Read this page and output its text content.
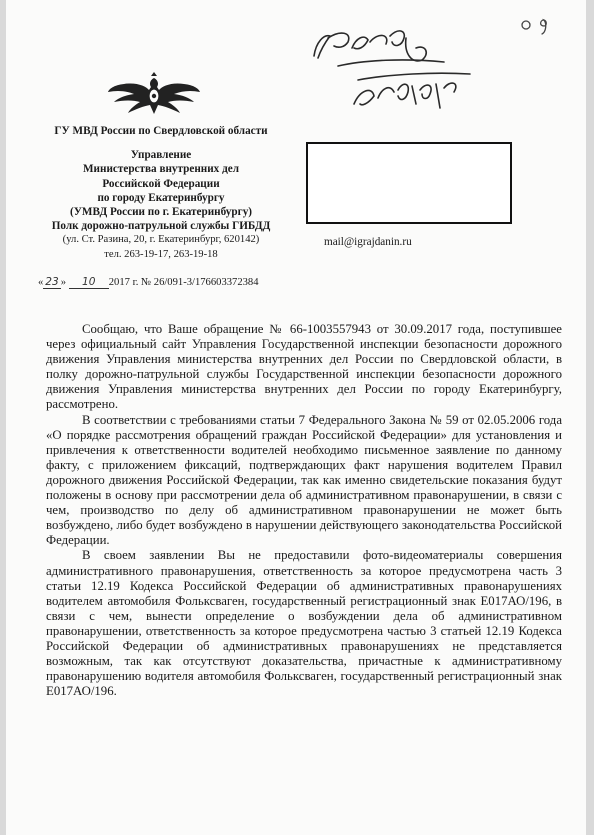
ГУ МВД России по Свердловской области
Управление
Министерства внутренних дел
Российской Федерации
по городу Екатеринбургу
(УМВД России по г. Екатеринбургу)
Полк дорожно-патрульной службы ГИБДД
(ул. Ст. Разина, 20, г. Екатеринбург, 620142)
тел. 263-19-17, 263-19-18
mail@igrajdanin.ru
« 23 » 10 2017 г. № 26/091-3/176603372384

Сообщаю, что Ваше обращение № 66-1003557943 от 30.09.2017 года, поступившее через официальный сайт Управления Государственной инспекции безопасности дорожного движения Управления министерства внутренних дел России по Свердловской области, в полку дорожно-патрульной службы Государственной инспекции безопасности дорожного движения Управления министерства внутренних дел России по городу Екатеринбургу, рассмотрено.

В соответствии с требованиями статьи 7 Федерального Закона № 59 от 02.05.2006 года «О порядке рассмотрения обращений граждан Российской Федерации» для установления и привлечения к ответственности водителей необходимо письменное заявление по данному факту, с приложением фиксаций, подтверждающих факт нарушения водителем Правил дорожного движения Российской Федерации, так как именно свидетельские показания будут положены в основу при рассмотрении дела об административном правонарушении, в связи с чем, производство по делу об административном правонарушении не может быть возбуждено, либо будет возбуждено в нарушении действующего законодательства Российской Федерации.

В своем заявлении Вы не предоставили фото-видеоматериалы совершения административного правонарушения, ответственность за которое предусмотрена часть 3 статьи 12.19 Кодекса Российской Федерации об административных правонарушениях водителем автомобиля Фольксваген, государственный регистрационный знак Е017АО/196, в связи с чем, вынести определение о возбуждении дела об административном правонарушении, ответственность за которое предусмотрена частью 3 статьей 12.19 Кодекса Российской Федерации об административных правонарушениях не представляется возможным, так как отсутствуют доказательства, причастные к административному правонарушению водителя автомобиля Фольксваген, государственный регистрационный знак Е017АО/196.
